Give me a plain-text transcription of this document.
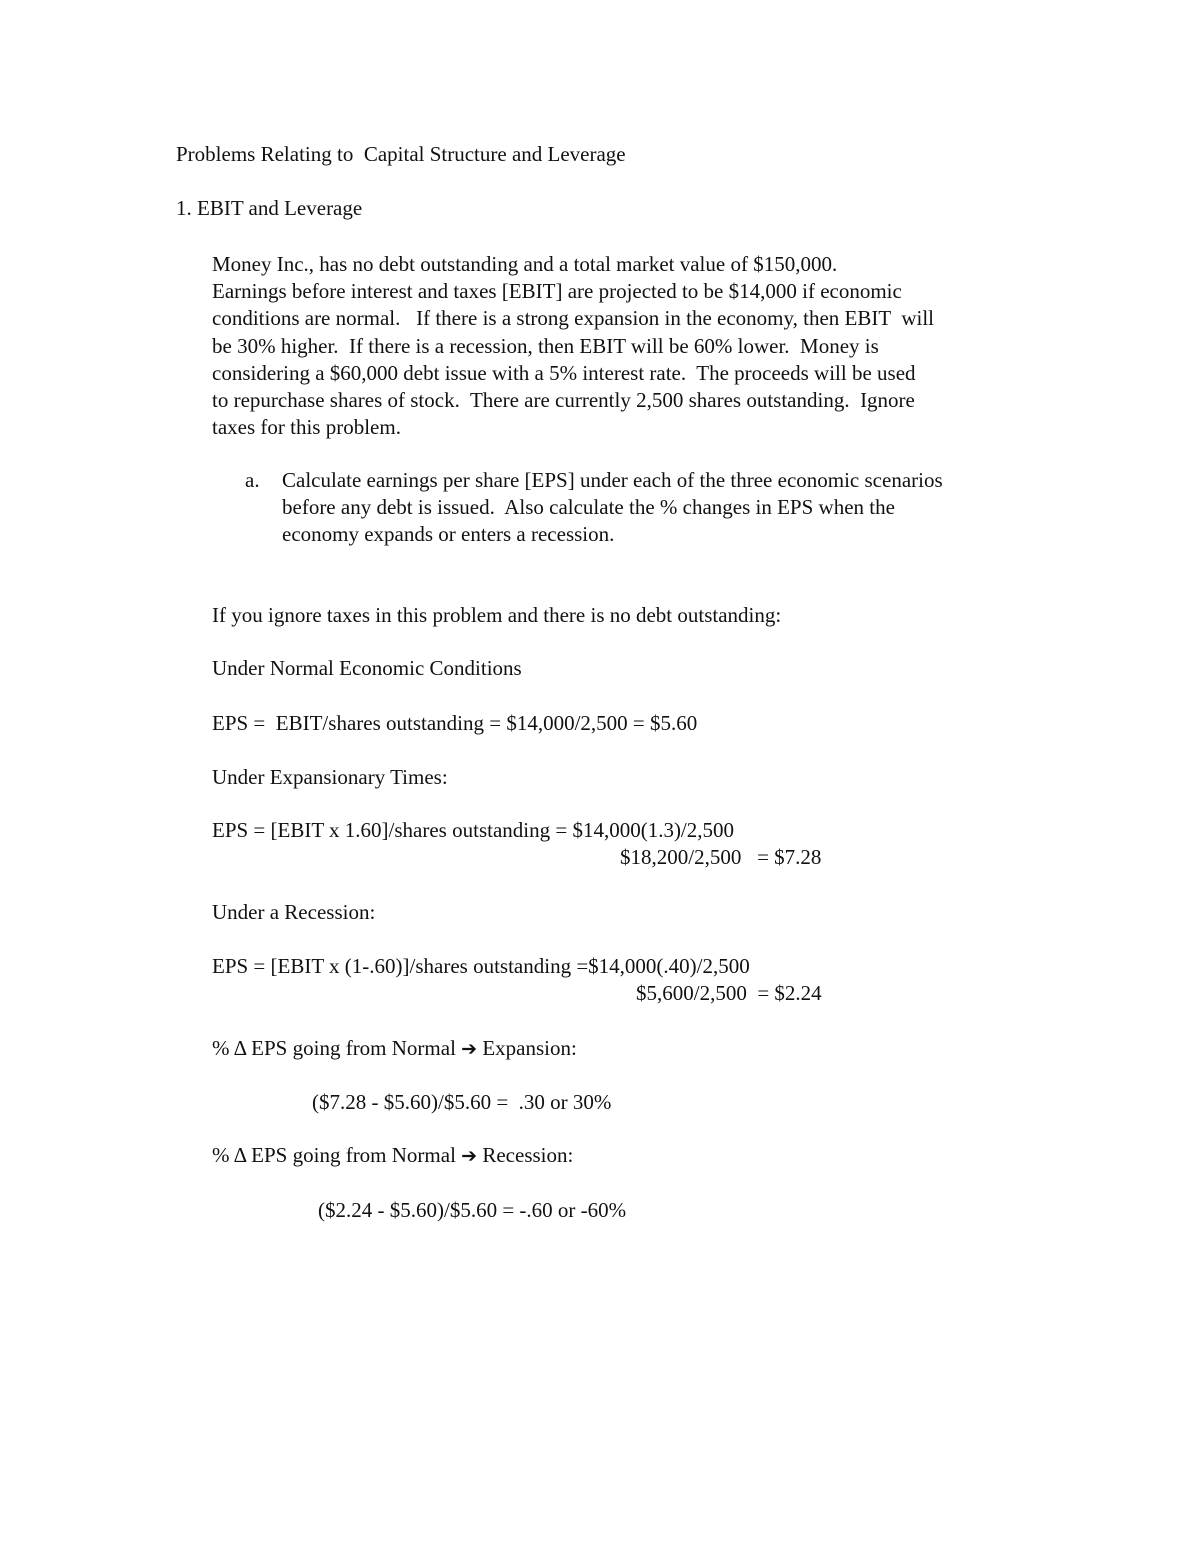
Problems Relating to  Capital Structure and Leverage

1. EBIT and Leverage

Money Inc., has no debt outstanding and a total market value of $150,000.
Earnings before interest and taxes [EBIT] are projected to be $14,000 if economic
conditions are normal.   If there is a strong expansion in the economy, then EBIT  will
be 30% higher.  If there is a recession, then EBIT will be 60% lower.  Money is
considering a $60,000 debt issue with a 5% interest rate.  The proceeds will be used
to repurchase shares of stock.  There are currently 2,500 shares outstanding.  Ignore
taxes for this problem.
a. Calculate earnings per share [EPS] under each of the three economic scenarios
before any debt is issued.  Also calculate the % changes in EPS when the
economy expands or enters a recession.

If you ignore taxes in this problem and there is no debt outstanding:

Under Normal Economic Conditions

EPS =  EBIT/shares outstanding = $14,000/2,500 = $5.60

Under Expansionary Times:

EPS = [EBIT x 1.60]/shares outstanding = $14,000(1.3)/2,500

$18,200/2,500   = $7.28

Under a Recession:

EPS = [EBIT x (1-.60)]/shares outstanding =$14,000(.40)/2,500

$5,600/2,500  = $2.24

% Δ EPS going from Normal ➔ Expansion:

($7.28 - $5.60)/$5.60 =  .30 or 30%

% Δ EPS going from Normal ➔ Recession:

($2.24 - $5.60)/$5.60 = -.60 or -60%
